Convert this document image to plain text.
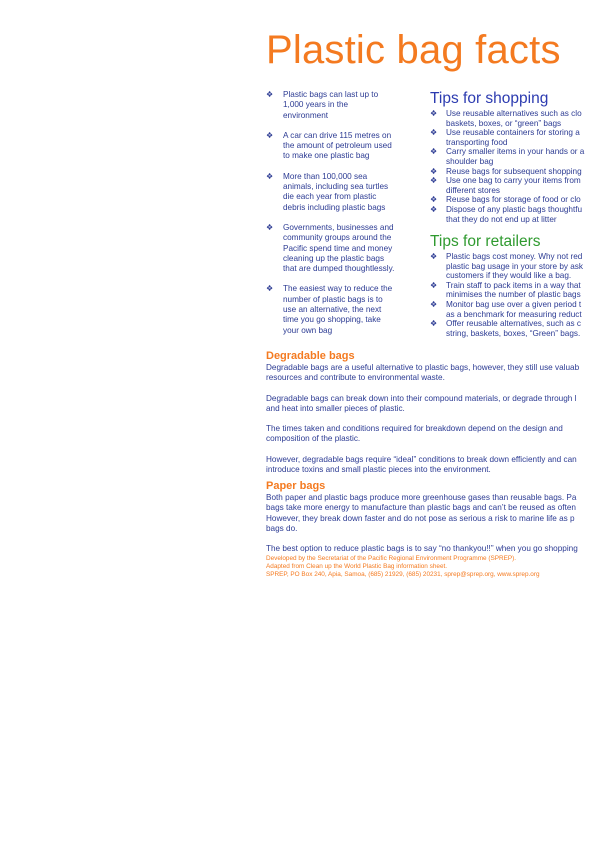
Plastic bag facts
❖ Plastic bags can last up to
1,000 years in the
environment
❖ A car can drive 115 metres on
the amount of petroleum used
to make one plastic bag
❖ More than 100,000 sea
animals, including sea turtles
die each year from plastic
debris including plastic bags
❖ Governments, businesses and
community groups around the
Pacific spend time and money
cleaning up the plastic bags
that are dumped thoughtlessly.
❖ The easiest way to reduce the
number of plastic bags is to
use an alternative, the next
time you go shopping, take
your own bag
Tips for shopping
❖ Use reusable alternatives such as clo
baskets, boxes, or “green” bags
❖ Use reusable containers for storing a
transporting food
❖ Carry smaller items in your hands or a
shoulder bag
❖ Reuse bags for subsequent shopping
❖ Use one bag to carry your items from
different stores
❖ Reuse bags for storage of food or clo
❖ Dispose of any plastic bags thoughtfu
that they do not end up at litter
Tips for retailers
❖ Plastic bags cost money. Why not red
plastic bag usage in your store by ask
customers if they would like a bag.
❖ Train staff to pack items in a way that
minimises the number of plastic bags
❖ Monitor bag use over a given period t
as a benchmark for measuring reduct
❖ Offer reusable alternatives, such as c
string, baskets, boxes, “Green” bags.
Degradable bags

Degradable bags are a useful alternative to plastic bags, however, they still use valuab
resources and contribute to environmental waste.

Degradable bags can break down into their compound materials, or degrade through l
and heat into smaller pieces of plastic.

The times taken and conditions required for breakdown depend on the design and
composition of the plastic.

However, degradable bags require “ideal” conditions to break down efficiently and can
introduce toxins and small plastic pieces into the environment.

Paper bags

Both paper and plastic bags produce more greenhouse gases than reusable bags. Pa
bags take more energy to manufacture than plastic bags and can’t be reused as often
However, they break down faster and do not pose as serious a risk to marine life as p
bags do.

The best option to reduce plastic bags is to say “no thankyou!!” when you go shopping

Developed by the Secretariat of the Pacific Regional Environment Programme (SPREP).
Adapted from Clean up the World Plastic Bag information sheet.
SPREP, PO Box 240, Apia, Samoa, (685) 21929, (685) 20231, sprep@sprep.org, www.sprep.org
